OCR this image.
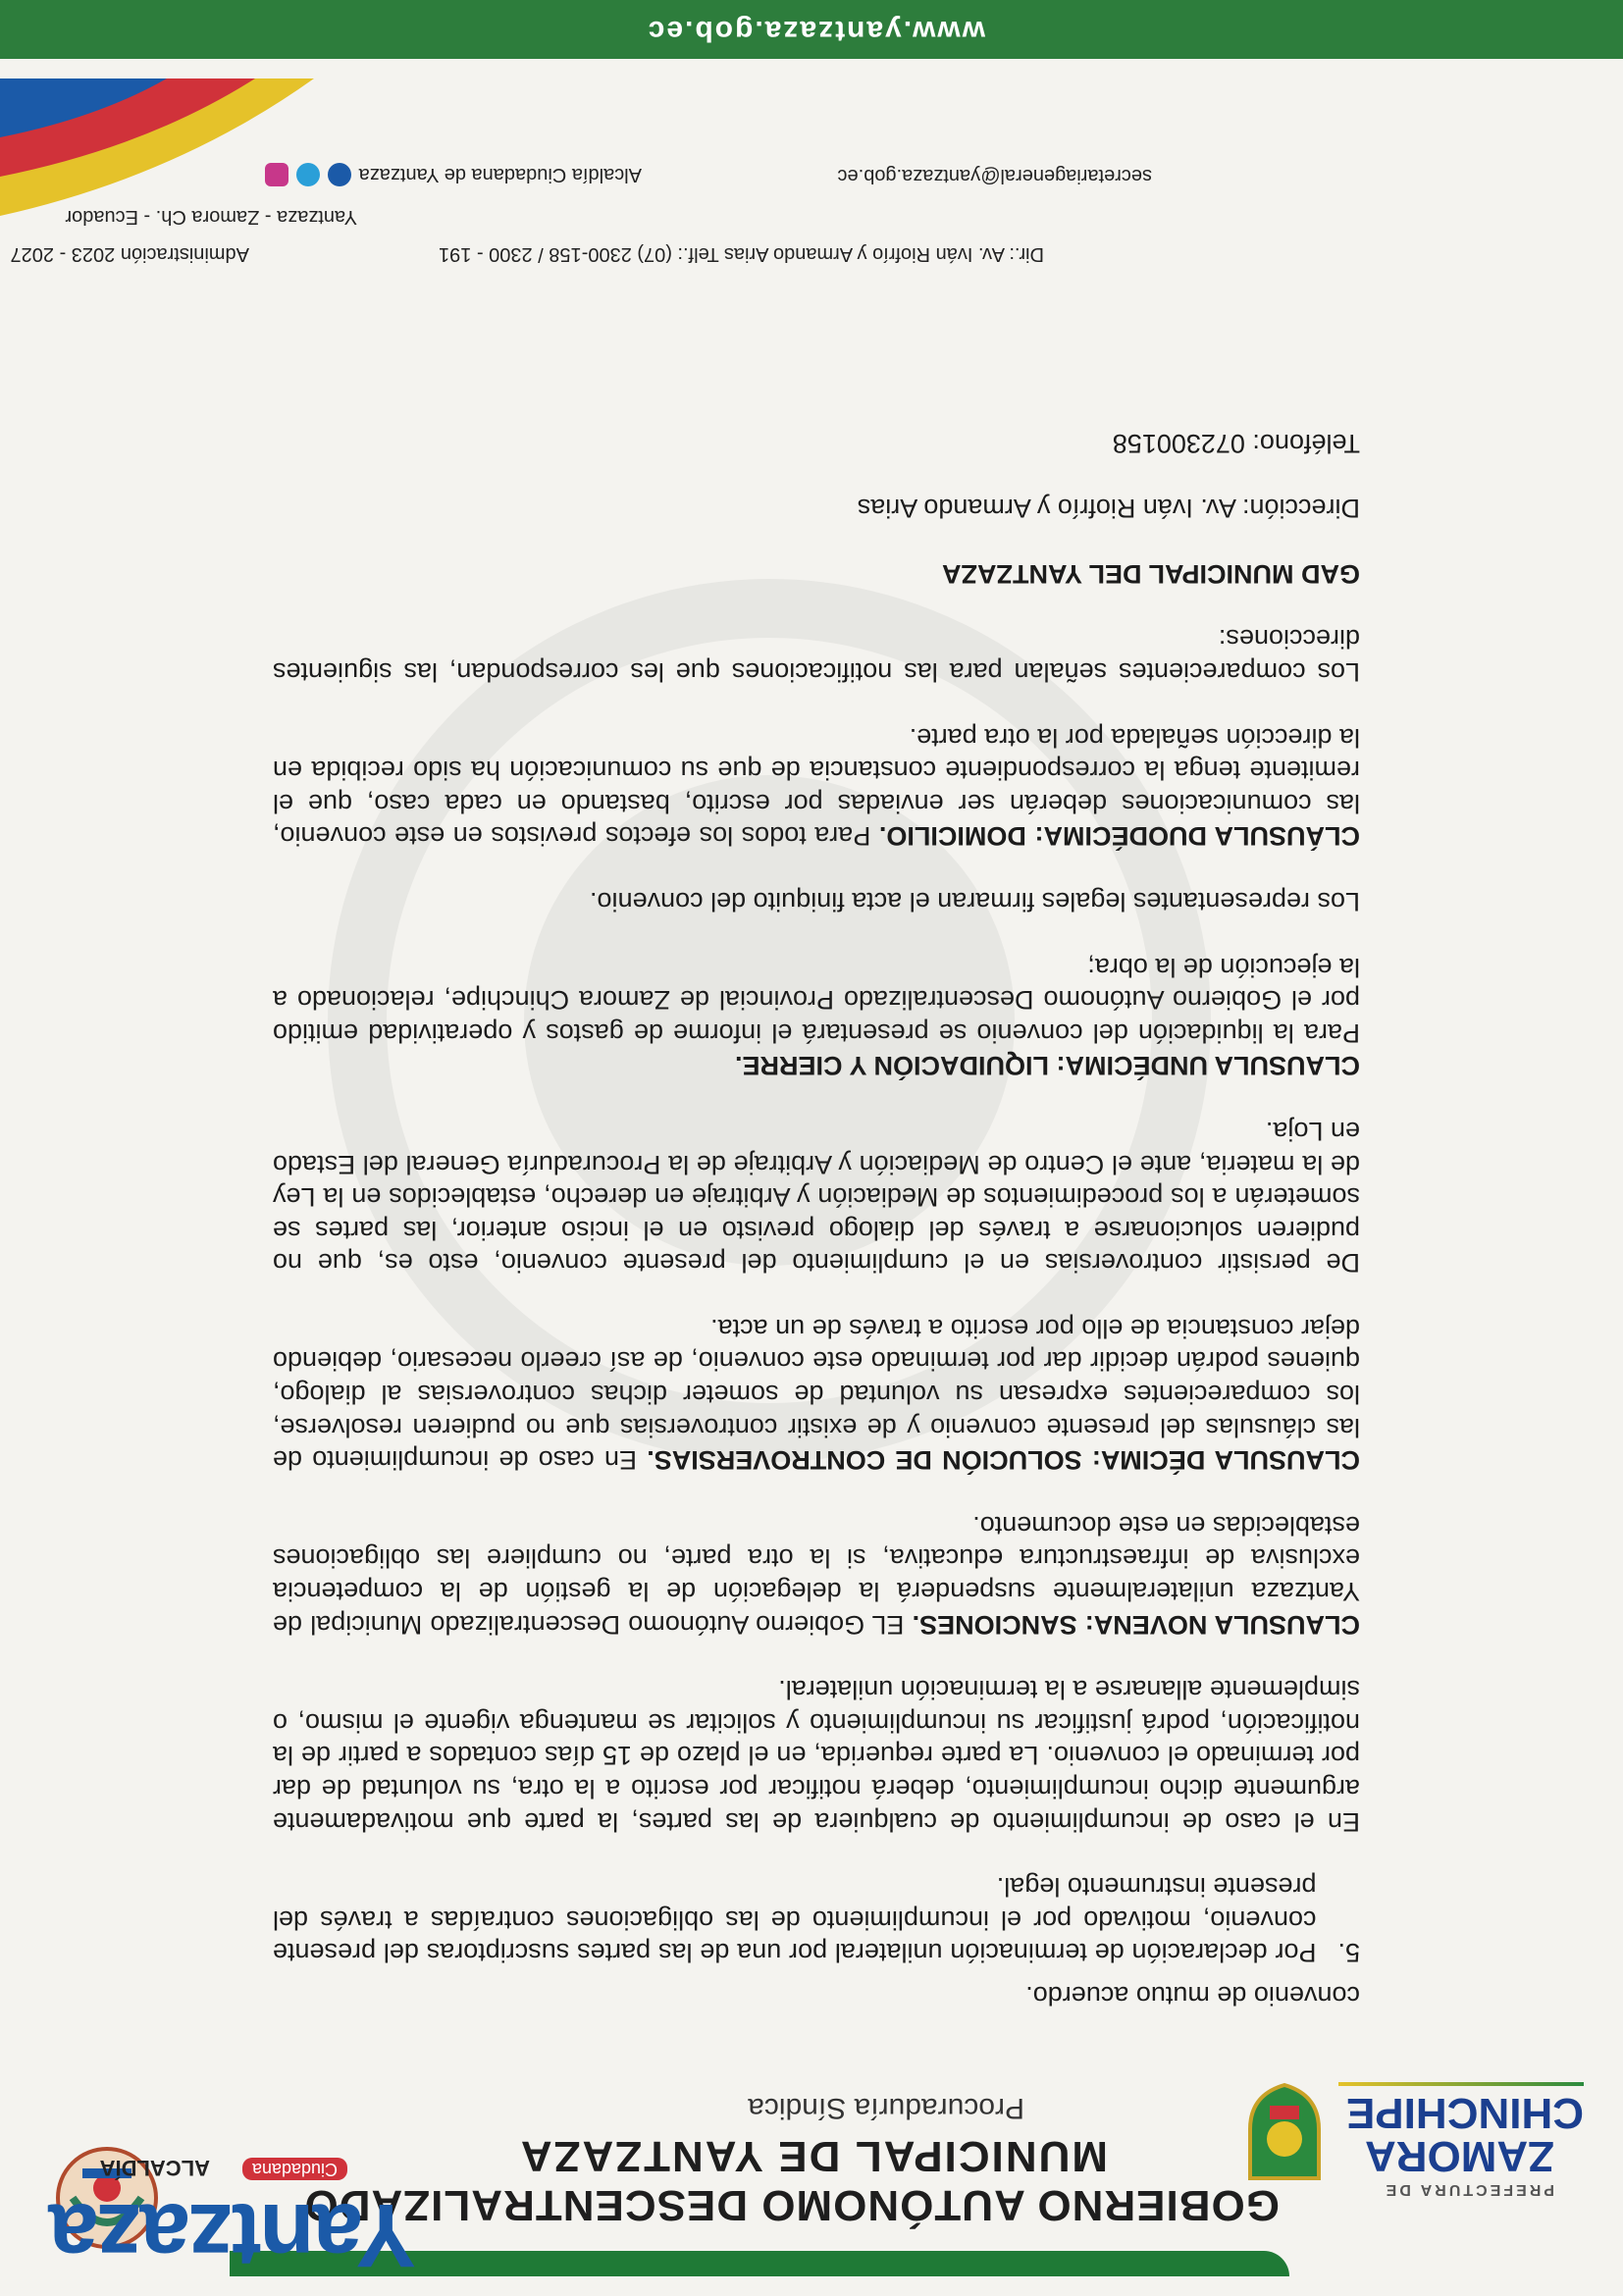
GOBIERNO AUTÓNOMO DESCENTRALIZADO
MUNICIPAL DE YANTZAZA
Procuraduría Síndica
Yantzaza
ALCALDÍA	Ciudadana
PREFECTURA DE
ZAMORA
CHINCHIPE

convenio de mutuo acuerdo.

5.
Por declaración de terminación unilateral por una de las partes suscriptoras del presente convenio, motivado por el incumplimiento de las obligaciones contraídas a través del presente instrumento legal.

En el caso de incumplimiento de cualquiera de las partes, la parte que motivadamente argumente dicho incumplimiento, deberá notificar por escrito a la otra, su voluntad de dar por terminado el convenio. La parte requerida, en el plazo de 15 días contados a partir de la notificación, podrá justificar su incumplimiento y solicitar se mantenga vigente el mismo, o simplemente allanarse a la terminación unilateral.

CLAUSULA NOVENA: SANCIONES. EL Gobierno Autónomo Descentralizado Municipal de Yantzaza unilateralmente suspenderá la delegación de la gestión de la competencia exclusiva de infraestructura educativa, si la otra parte, no cumpliere las obligaciones establecidas en este documento.

CLAUSULA DÉCIMA: SOLUCIÓN DE CONTROVERSIAS. En caso de incumplimiento de las cláusulas del presente convenio y de existir controversias que no pudieren resolverse, los comparecientes expresan su voluntad de someter dichas controversias al dialogo, quienes podrán decidir dar por terminado este convenio, de así creerlo necesario, debiendo dejar constancia de ello por escrito a través de un acta.

De persistir controversias en el cumplimiento del presente convenio, esto es, que no pudieren solucionarse a través del dialogo previsto en el inciso anterior, las partes se someterán a los procedimientos de Mediación y Arbitraje en derecho, establecidos en la Ley de la materia, ante el Centro de Mediación y Arbitraje de la Procuraduría General del Estado en Loja.

CLAUSULA UNDÉCIMA: LIQUIDACIÓN Y CIERRE.

Para la liquidación del convenio se presentará el informe de gastos y operatividad emitido por el Gobierno Autónomo Descentralizado Provincial de Zamora Chinchipe, relacionado a la ejecución de la obra;

Los representantes legales firmaran el acta finiquito del convenio.

CLÁUSULA DUODÉCIMA: DOMICILIO. Para todos los efectos previstos en este convenio, las comunicaciones deberán ser enviadas por escrito, bastando en cada caso, que el remitente tenga la correspondiente constancia de que su comunicación ha sido recibida en la dirección señalada por la otra parte.

Los comparecientes señalan para las notificaciones que les correspondan, las siguientes direcciones:

GAD MUNICIPAL DEL YANTZAZA

Dirección: Av. Iván Riofrío y Armando Arias

Teléfono: 072300158

Administración 2023 - 2027	Dir.: Av. Iván Riofrío y Armando Arias Telf.: (07) 2300-158 / 2300 - 191
Yantzaza - Zamora Ch. - Ecuador
Alcaldía Ciudadana de Yantzaza	secretariageneral@yantzaza.gob.ec
www.yantzaza.gob.ec
